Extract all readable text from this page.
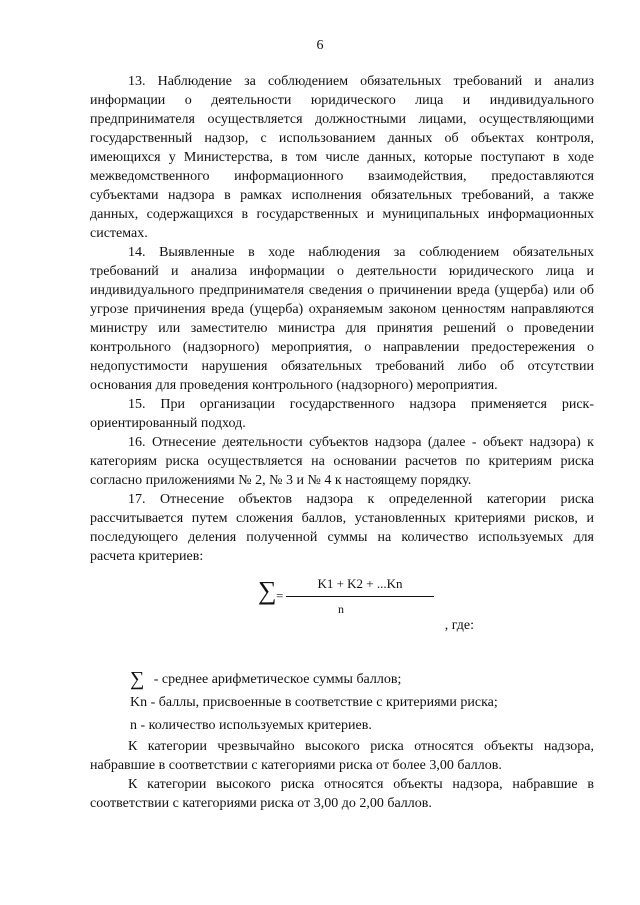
6

13. Наблюдение за соблюдением обязательных требований и анализ информации о деятельности юридического лица и индивидуального предпринимателя осуществляется должностными лицами, осуществляющими государственный надзор, с использованием данных об объектах контроля, имеющихся у Министерства, в том числе данных, которые поступают в ходе межведомственного информационного взаимодействия, предоставляются субъектами надзора в рамках исполнения обязательных требований, а также данных, содержащихся в государственных и муниципальных информационных системах.

14. Выявленные в ходе наблюдения за соблюдением обязательных требований и анализа информации о деятельности юридического лица и индивидуального предпринимателя сведения о причинении вреда (ущерба) или об угрозе причинения вреда (ущерба) охраняемым законом ценностям направляются министру или заместителю министра для принятия решений о проведении контрольного (надзорного) мероприятия, о направлении предостережения о недопустимости нарушения обязательных требований либо об отсутствии основания для проведения контрольного (надзорного) мероприятия.

15. При организации государственного надзора применяется риск-ориентированный подход.

16. Отнесение деятельности субъектов надзора (далее - объект надзора) к категориям риска осуществляется на основании расчетов по критериям риска согласно приложениями № 2, № 3 и № 4 к настоящему порядку.

17. Отнесение объектов надзора к определенной категории риска рассчитывается путем сложения баллов, установленных критериями рисков, и последующего деления полученной суммы на количество используемых для расчета критериев:

∑ =
K1 + K2 + ...Kn
n
, где:

∑ - среднее арифметическое суммы баллов;

Kn - баллы, присвоенные в соответствие с критериями риска;

n - количество используемых критериев.

К категории чрезвычайно высокого риска относятся объекты надзора, набравшие в соответствии с категориями риска от более 3,00 баллов.

К категории высокого риска относятся объекты надзора, набравшие в соответствии с категориями риска от 3,00 до 2,00 баллов.
